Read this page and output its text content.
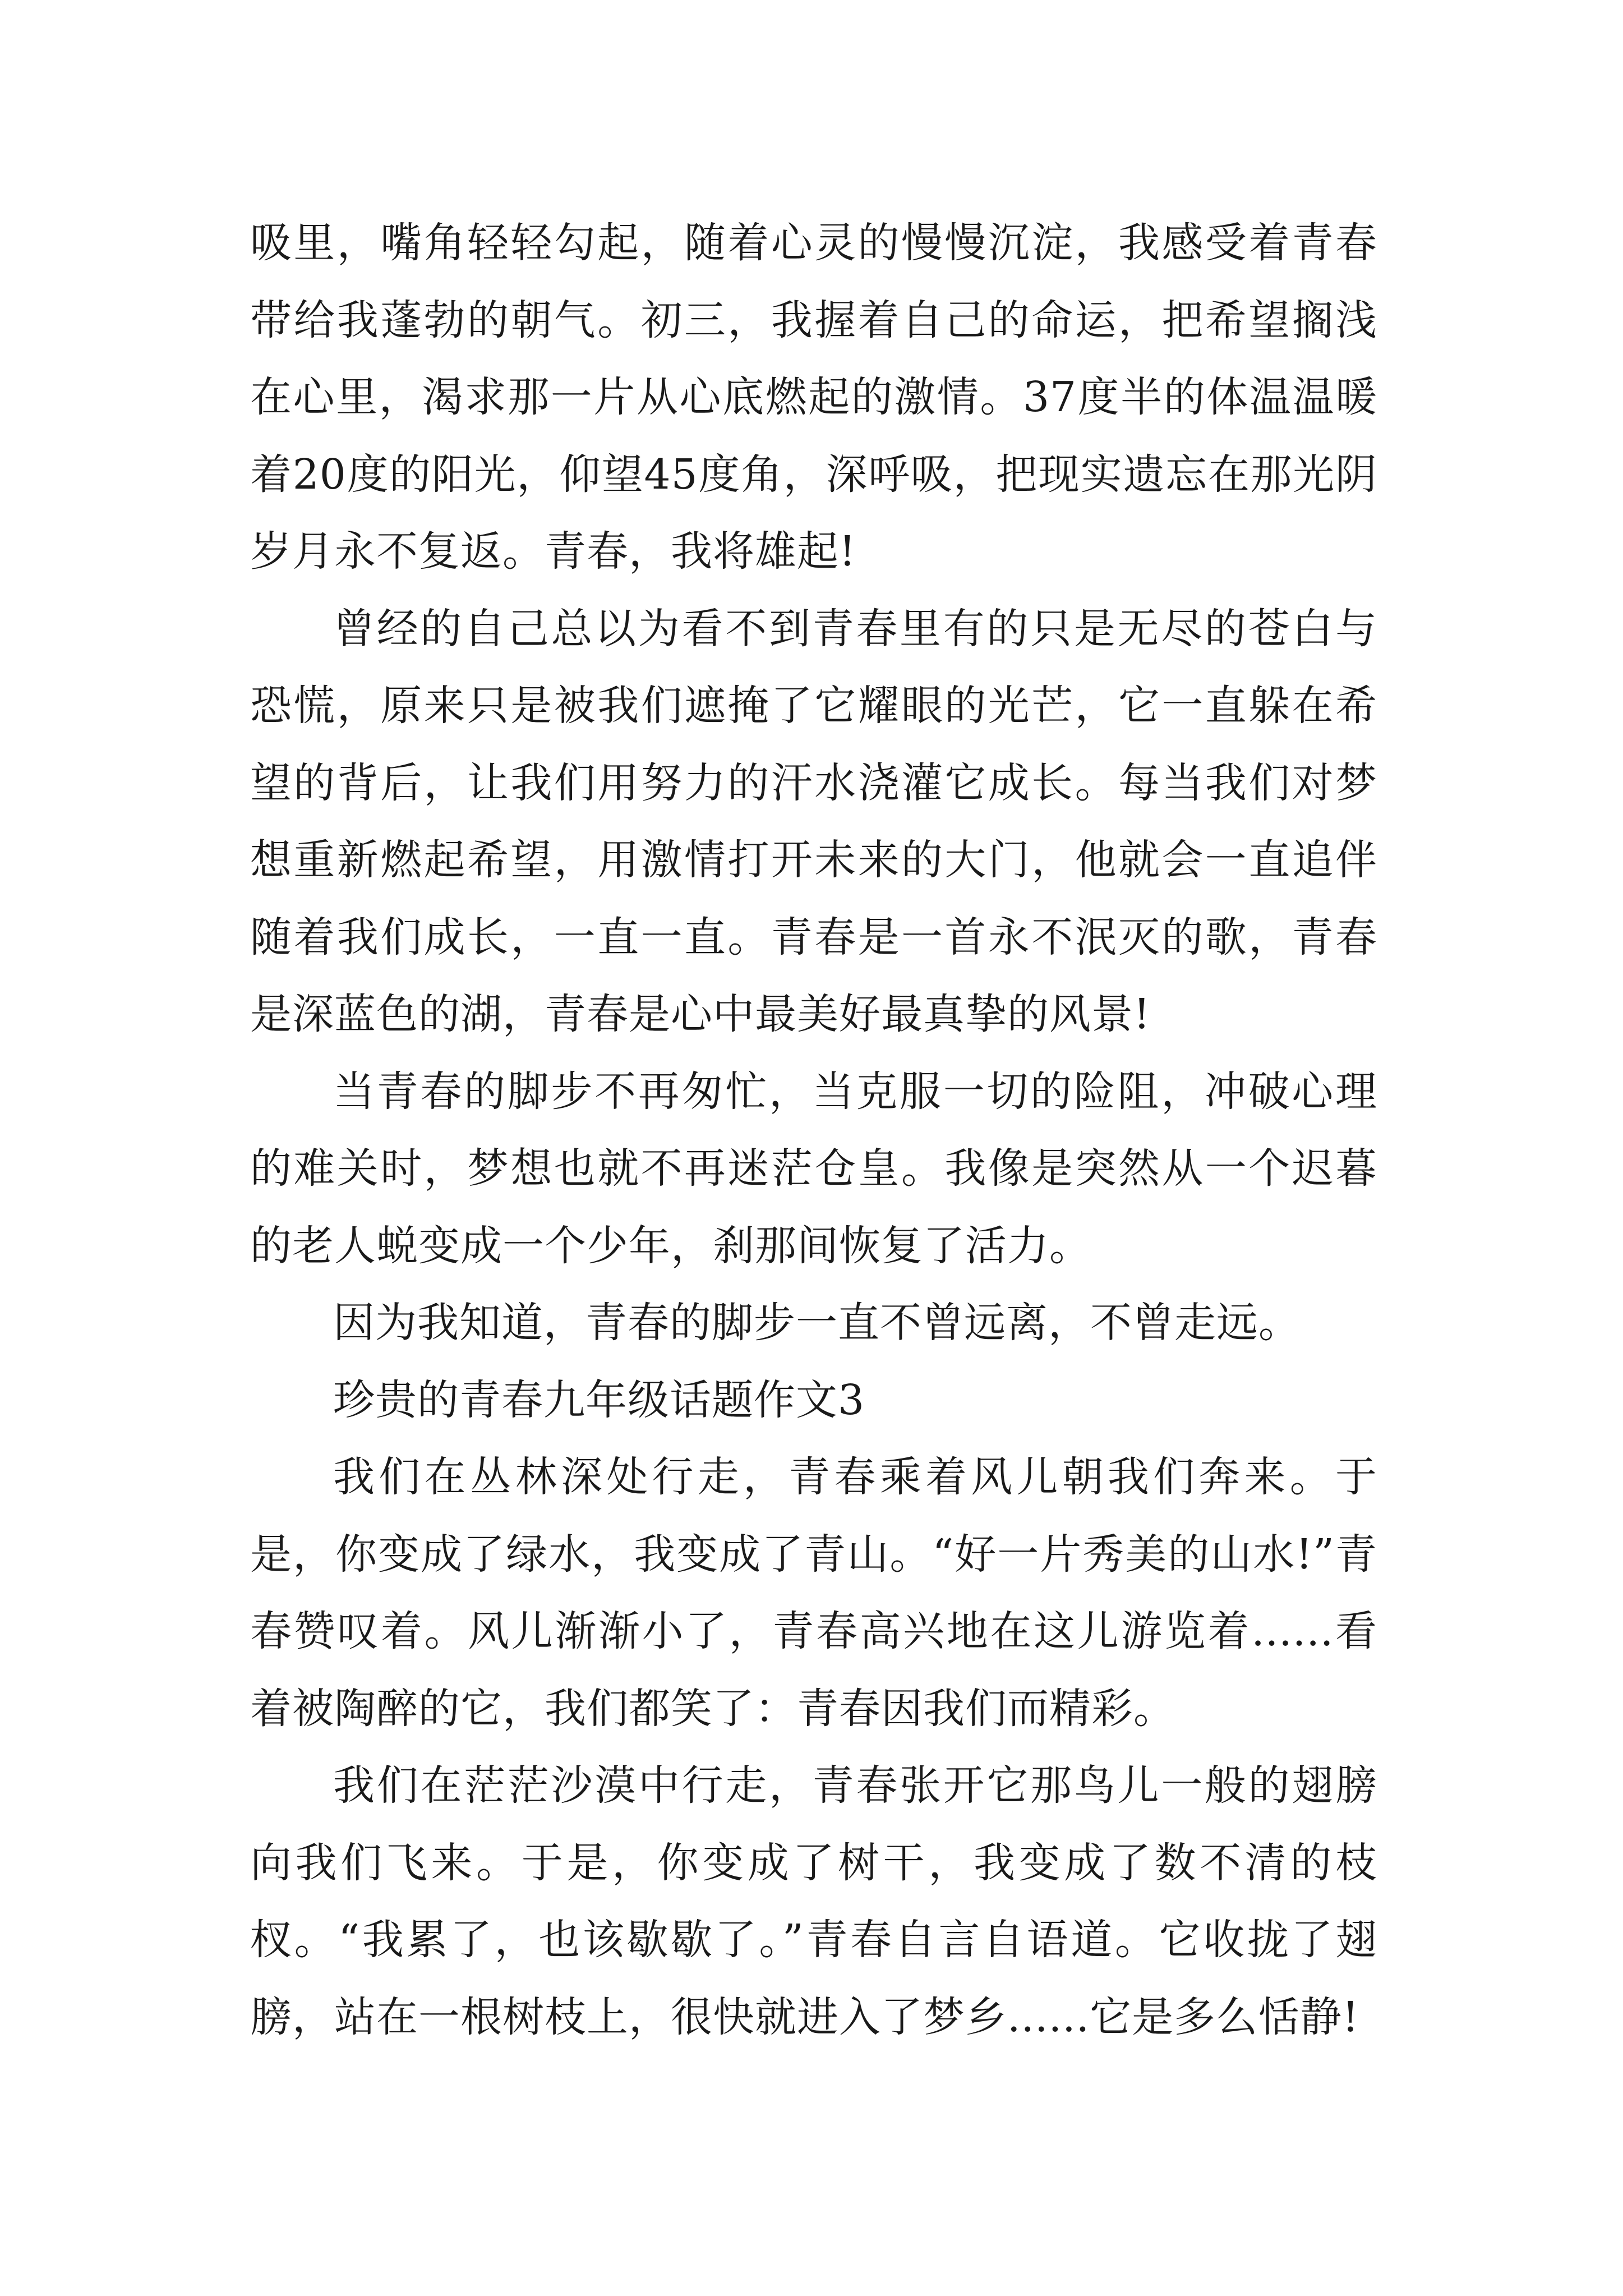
吸里，嘴角轻轻勾起，随着心灵的慢慢沉淀，我感受着青春带给我蓬勃的朝气。初三，我握着自己的命运，把希望搁浅在心里，渴求那一片从心底燃起的激情。37度半的体温温暖着20度的阳光，仰望45度角，深呼吸，把现实遗忘在那光阴岁月永不复返。青春，我将雄起!

曾经的自己总以为看不到青春里有的只是无尽的苍白与恐慌，原来只是被我们遮掩了它耀眼的光芒，它一直躲在希望的背后，让我们用努力的汗水浇灌它成长。每当我们对梦想重新燃起希望，用激情打开未来的大门，他就会一直追伴随着我们成长，一直一直。青春是一首永不泯灭的歌，青春是深蓝色的湖，青春是心中最美好最真挚的风景!

当青春的脚步不再匆忙，当克服一切的险阻，冲破心理的难关时，梦想也就不再迷茫仓皇。我像是突然从一个迟暮的老人蜕变成一个少年，刹那间恢复了活力。

因为我知道，青春的脚步一直不曾远离，不曾走远。

珍贵的青春九年级话题作文3

我们在丛林深处行走，青春乘着风儿朝我们奔来。于是，你变成了绿水，我变成了青山。“好一片秀美的山水!”青春赞叹着。风儿渐渐小了，青春高兴地在这儿游览着......看着被陶醉的它，我们都笑了：青春因我们而精彩。

我们在茫茫沙漠中行走，青春张开它那鸟儿一般的翅膀向我们飞来。于是，你变成了树干，我变成了数不清的枝杈。“我累了，也该歇歇了。”青春自言自语道。它收拢了翅膀，站在一根树枝上，很快就进入了梦乡......它是多么恬静!
